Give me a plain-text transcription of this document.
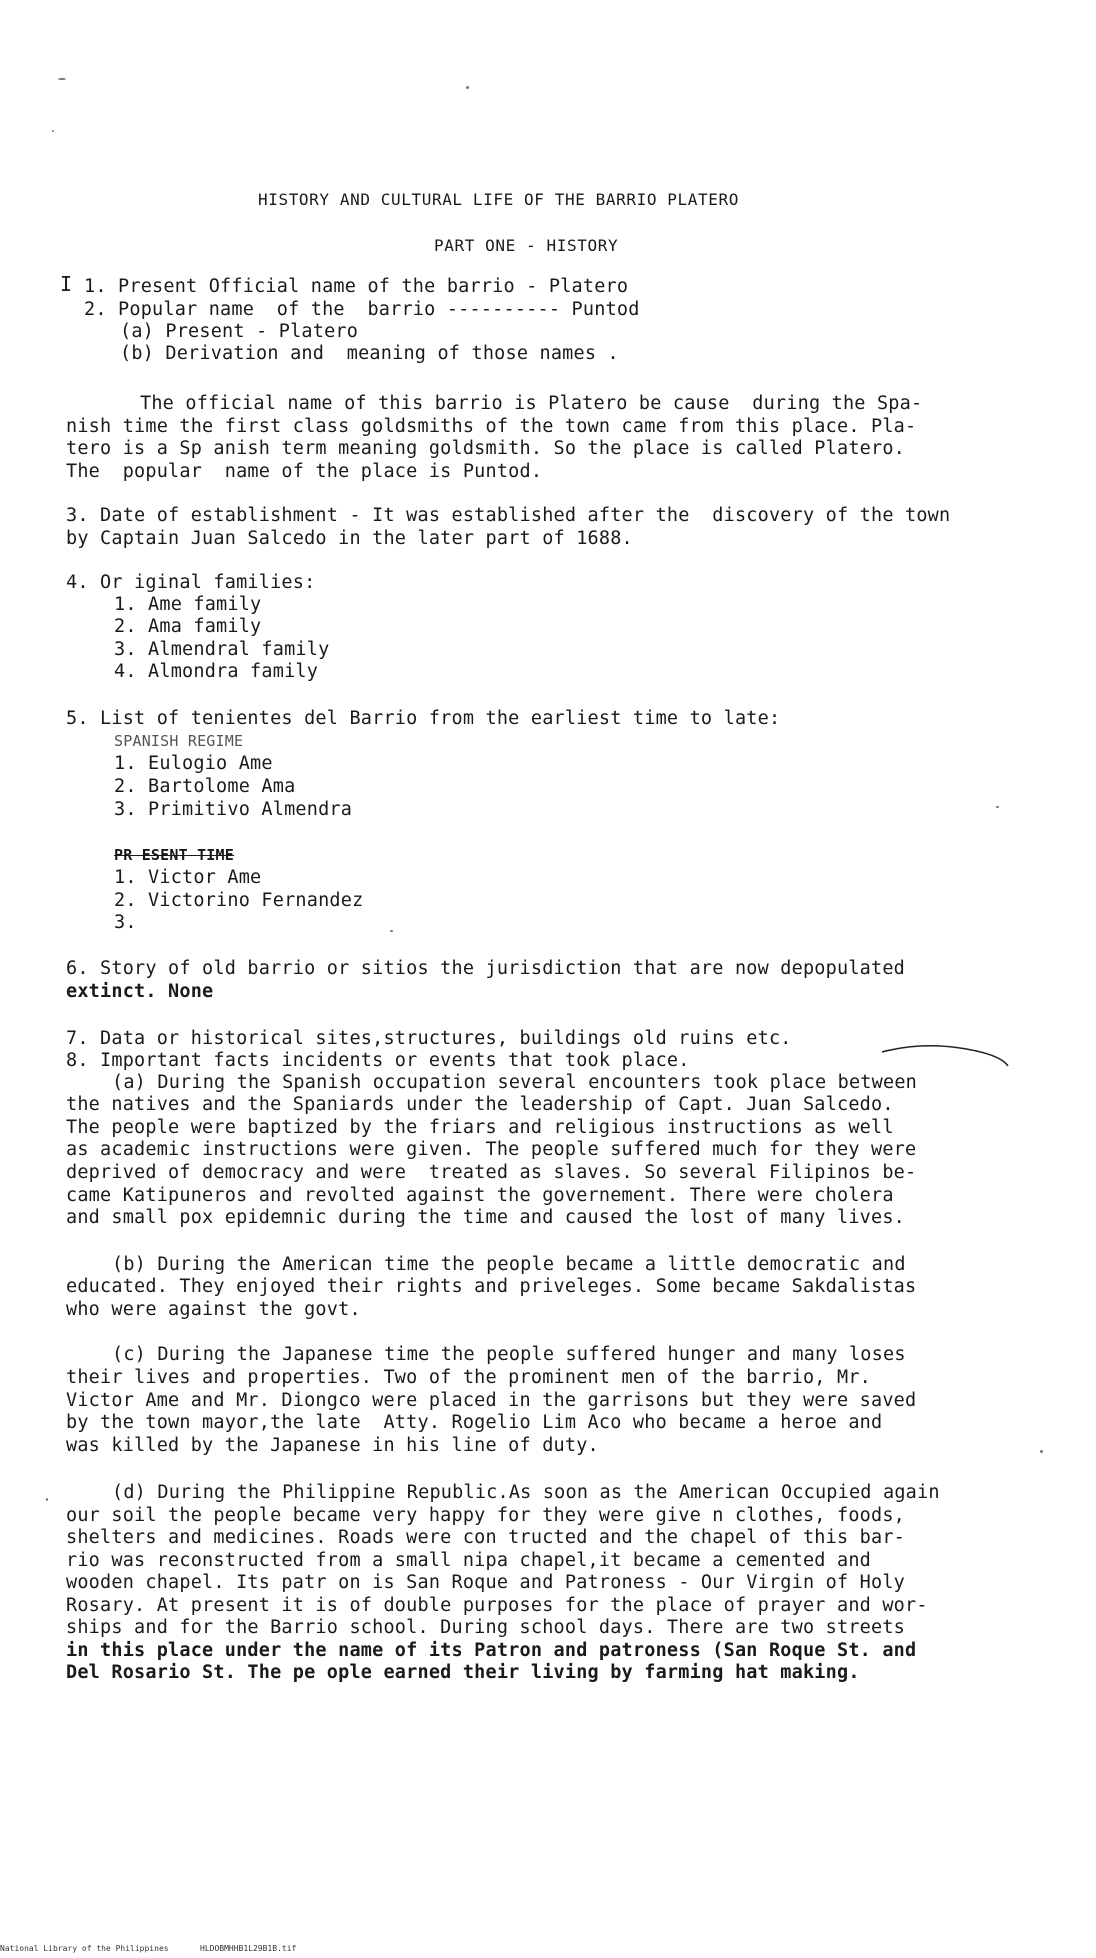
HISTORY AND CULTURAL LIFE OF THE BARRIO PLATERO
PART ONE - HISTORY
I 1. Present Official name of the barrio - Platero
2. Popular name  of the  barrio ---------- Puntod
(a) Present - Platero
(b) Derivation and  meaning of those names .
The official name of this barrio is Platero be cause  during the Spa-
nish time the first class goldsmiths of the town came from this place. Pla-
tero is a Sp anish term meaning goldsmith. So the place is called Platero.
The  popular  name of the place is Puntod.
3. Date of establishment - It was established after the  discovery of the town
by Captain Juan Salcedo in the later part of 1688.
4. Or iginal families:
1. Ame family
2. Ama family
3. Almendral family
4. Almondra family
5. List of tenientes del Barrio from the earliest time to late:
SPANISH REGIME
1. Eulogio Ame
2. Bartolome Ama
3. Primitivo Almendra
PR ESENT TIME
1. Victor Ame
2. Victorino Fernandez
3.
6. Story of old barrio or sitios the jurisdiction that are now depopulated
extinct. None
7. Data or historical sites,structures, buildings old ruins etc.
8. Important facts incidents or events that took place.
(a) During the Spanish occupation several encounters took place between
the natives and the Spaniards under the leadership of Capt. Juan Salcedo.
The people were baptized by the friars and religious instructions as well
as academic instructions were given. The people suffered much for they were
deprived of democracy and were  treated as slaves. So several Filipinos be-
came Katipuneros and revolted against the governement. There were cholera
and small pox epidemnic during the time and caused the lost of many lives.
(b) During the American time the people became a little democratic and
educated. They enjoyed their rights and priveleges. Some became Sakdalistas
who were against the govt.
(c) During the Japanese time the people suffered hunger and many loses
their lives and properties. Two of the prominent men of the barrio, Mr.
Victor Ame and Mr. Diongco were placed in the garrisons but they were saved
by the town mayor,the late  Atty. Rogelio Lim Aco who became a heroe and
was killed by the Japanese in his line of duty.
(d) During the Philippine Republic.As soon as the American Occupied again
our soil the people became very happy for they were give n clothes, foods,
shelters and medicines. Roads were con tructed and the chapel of this bar-
rio was reconstructed from a small nipa chapel,it became a cemented and
wooden chapel. Its patr on is San Roque and Patroness - Our Virgin of Holy
Rosary. At present it is of double purposes for the place of prayer and wor-
ships and for the Barrio school. During school days. There are two streets
in this place under the name of its Patron and patroness (San Roque St. and
Del Rosario St. The pe ople earned their living by farming hat making.
National Library of the Philippines	HLDOBMHHB1L29B1B.tif
